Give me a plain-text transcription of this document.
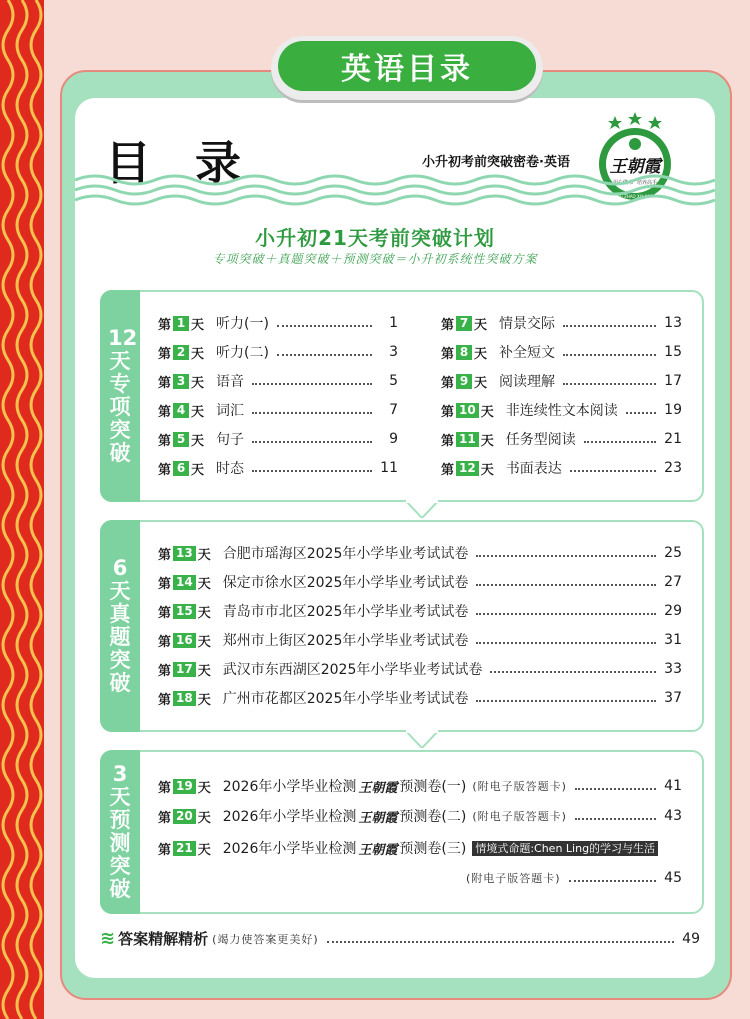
英语目录
目 录	小升初考前突破密卷·英语 王朝霞
用心做书 培养高手
WANG ZHAO XIA JIAO YU
小升初21天考前突破计划
专项突破＋真题突破＋预测突破＝小升初系统性突破方案
12天专项突破
6天真题突破
3天预测突破
第 1 天 听力(一)	1
第 2 天 听力(二)	3
第 3 天 语音	5
第 4 天 词汇	7
第 5 天 句子	9
第 6 天 时态	11
第 7 天 情景交际	13
第 8 天 补全短文	15
第 9 天 阅读理解	17
第 10 天 非连续性文本阅读	19
第 11 天 任务型阅读	21
第 12 天 书面表达	23
第 13 天 合肥市瑶海区2025年小学毕业考试试卷	25
第 14 天 保定市徐水区2025年小学毕业考试试卷	27
第 15 天 青岛市市北区2025年小学毕业考试试卷	29
第 16 天 郑州市上街区2025年小学毕业考试试卷	31
第 17 天 武汉市东西湖区2025年小学毕业考试试卷	33
第 18 天 广州市花都区2025年小学毕业考试试卷	37
第 19 天 2026年小学毕业检测 王朝霞 预测卷(一) (附电子版答题卡)	41
第 20 天 2026年小学毕业检测 王朝霞 预测卷(二) (附电子版答题卡)	43
第 21 天 2026年小学毕业检测 王朝霞 预测卷(三) 情境式命题:Chen Ling的学习与生活
(附电子版答题卡)	45
≋ 答案精解精析 (竭力使答案更美好)	49
